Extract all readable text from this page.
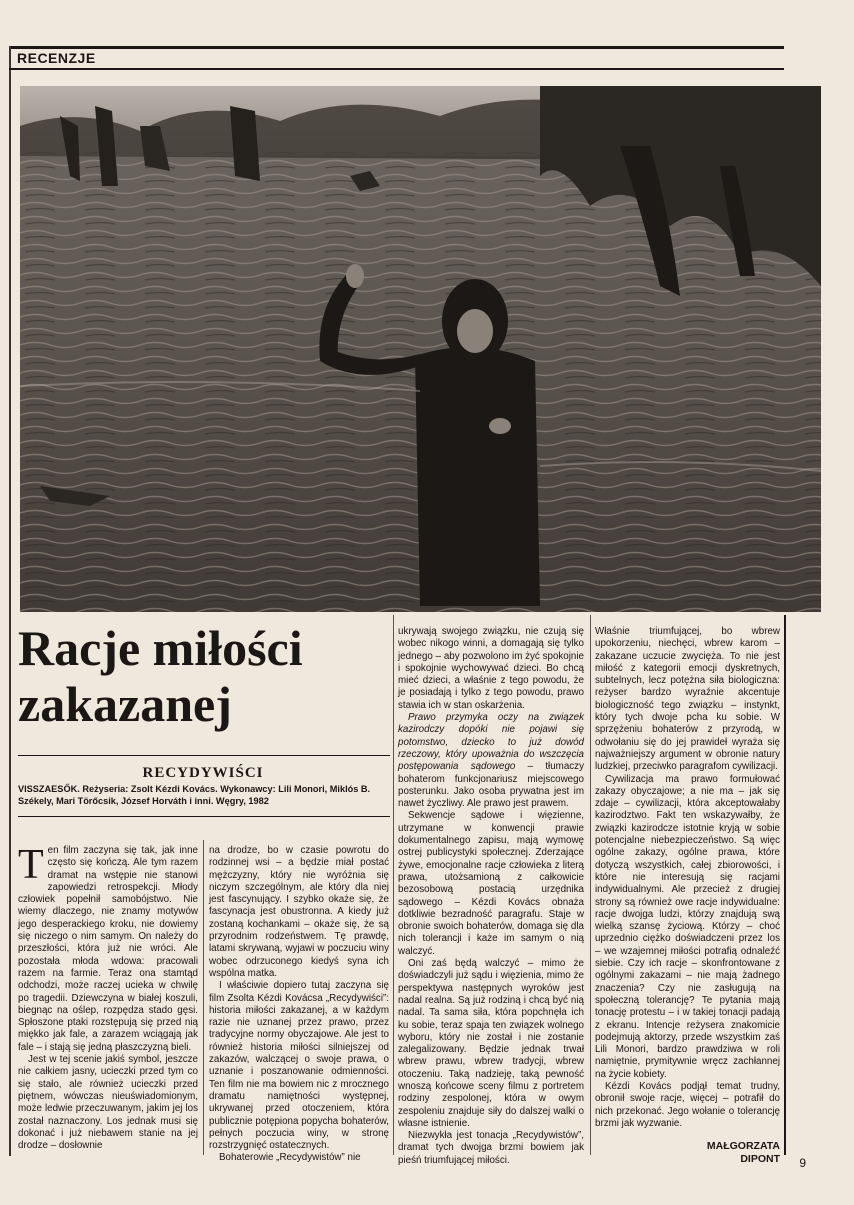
RECENZJE
Racje miłości zakazanej
RECYDYWIŚCI
VISSZAESŐK. Reżyseria: Zsolt Kézdi Kovács. Wykonawcy: Lili Monori, Miklós B. Székely, Mari Törőcsik, József Horváth i inni. Węgry, 1982

Ten film zaczyna się tak, jak inne często się kończą. Ale tym razem dramat na wstępie nie stanowi zapowiedzi retrospekcji. Młody człowiek popełnił samobójstwo. Nie wiemy dlaczego, nie znamy motywów jego desperackiego kroku, nie dowiemy się niczego o nim samym. On należy do przeszłości, która już nie wróci. Ale pozostała młoda wdowa: pracowali razem na farmie. Teraz ona stamtąd odchodzi, może raczej ucieka w chwilę po tragedii. Dziewczyna w białej koszuli, biegnąc na oślep, rozpędza stado gęsi. Spłoszone ptaki rozstępują się przed nią miękko jak fale, a zarazem wciągają jak fale – i stają się jedną płaszczyzną bieli.

Jest w tej scenie jakiś symbol, jeszcze nie całkiem jasny, ucieczki przed tym co się stało, ale również ucieczki przed piętnem, wówczas nieuświadomionym, może ledwie przeczuwanym, jakim jej los został naznaczony. Los jednak musi się dokonać i już niebawem stanie na jej drodze – dosłownie

na drodze, bo w czasie powrotu do rodzinnej wsi – a będzie miał postać mężczyzny, który nie wyróżnia się niczym szczególnym, ale który dla niej jest fascynujący. I szybko okaże się, że fascynacja jest obustronna. A kiedy już zostaną kochankami – okaże się, że są przyrodnim rodzeństwem. Tę prawdę, latami skrywaną, wyjawi w poczuciu winy wobec odrzuconego kiedyś syna ich wspólna matka.

I właściwie dopiero tutaj zaczyna się film Zsolta Kézdi Kovácsa „Recydywiści”: historia miłości zakazanej, a w każdym razie nie uznanej przez prawo, przez tradycyjne normy obyczajowe. Ale jest to również historia miłości silniejszej od zakazów, walczącej o swoje prawa, o uznanie i poszanowanie odmienności. Ten film nie ma bowiem nic z mrocznego dramatu namiętności występnej, ukrywanej przed otoczeniem, która publicznie potępiona popycha bohaterów, pełnych poczucia winy, w stronę rozstrzygnięć ostatecznych.

Bohaterowie „Recydywistów” nie

ukrywają swojego związku, nie czują się wobec nikogo winni, a domagają się tylko jednego – aby pozwolono im żyć spokojnie i spokojnie wychowywać dzieci. Bo chcą mieć dzieci, a właśnie z tego powodu, że je posiadają i tylko z tego powodu, prawo stawia ich w stan oskarżenia.

Prawo przymyka oczy na związek kazirodczy dopóki nie pojawi się potomstwo, dziecko to już dowód rzeczowy, który upoważnia do wszczęcia postępowania sądowego – tłumaczy bohaterom funkcjonariusz miejscowego posterunku. Jako osoba prywatna jest im nawet życzliwy. Ale prawo jest prawem.

Sekwencje sądowe i więzienne, utrzymane w konwencji prawie dokumentalnego zapisu, mają wymowę ostrej publicystyki społecznej. Zderzające żywe, emocjonalne racje człowieka z literą prawa, utożsamioną z całkowicie bezosobową postacią urzędnika sądowego – Kézdi Kovács obnaża dotkliwie bezradność paragrafu. Staje w obronie swoich bohaterów, domaga się dla nich tolerancji i każe im samym o nią walczyć.

Oni zaś będą walczyć – mimo że doświadczyli już sądu i więzienia, mimo że perspektywa następnych wyroków jest nadal realna. Są już rodziną i chcą być nią nadal. Ta sama siła, która popchnęła ich ku sobie, teraz spaja ten związek wolnego wyboru, który nie został i nie zostanie zalegalizowany. Będzie jednak trwał wbrew prawu, wbrew tradycji, wbrew otoczeniu. Taką nadzieję, taką pewność wnoszą końcowe sceny filmu z portretem rodziny zespolonej, która w owym zespoleniu znajduje siły do dalszej walki o własne istnienie.

Niezwykła jest tonacja „Recydywistów”, dramat tych dwojga brzmi bowiem jak pieśń triumfującej miłości.

Właśnie triumfującej, bo wbrew upokorzeniu, niechęci, wbrew karom – zakazane uczucie zwycięża. To nie jest miłość z kategorii emocji dyskretnych, subtelnych, lecz potężna siła biologiczna: reżyser bardzo wyraźnie akcentuje biologiczność tego związku – instynkt, który tych dwoje pcha ku sobie. W sprzężeniu bohaterów z przyrodą, w odwołaniu się do jej prawideł wyraża się najważniejszy argument w obronie natury ludzkiej, przeciwko paragrafom cywilizacji.

Cywilizacja ma prawo formułować zakazy obyczajowe; a nie ma – jak się zdaje – cywilizacji, która akceptowałaby kazirodztwo. Fakt ten wskazywałby, że związki kazirodcze istotnie kryją w sobie potencjalne niebezpieczeństwo. Są więc ogólne zakazy, ogólne prawa, które dotyczą wszystkich, całej zbiorowości, i które nie interesują się racjami indywidualnymi. Ale przecież z drugiej strony są również owe racje indywidualne: racje dwojga ludzi, którzy znajdują swą wielką szansę życiową. Którzy – choć uprzednio ciężko doświadczeni przez los – we wzajemnej miłości potrafią odnaleźć siebie. Czy ich racje – skonfrontowane z ogólnymi zakazami – nie mają żadnego znaczenia? Czy nie zasługują na społeczną tolerancję? Te pytania mają tonację protestu – i w takiej tonacji padają z ekranu. Intencje reżysera znakomicie podejmują aktorzy, przede wszystkim zaś Lili Monori, bardzo prawdziwa w roli namiętnie, prymitywnie wręcz zachłannej na życie kobiety.

Kézdi Kovács podjął temat trudny, obronił swoje racje, więcej – potrafił do nich przekonać. Jego wołanie o tolerancję brzmi jak wyzwanie.

MAŁGORZATA
DIPONT 9
